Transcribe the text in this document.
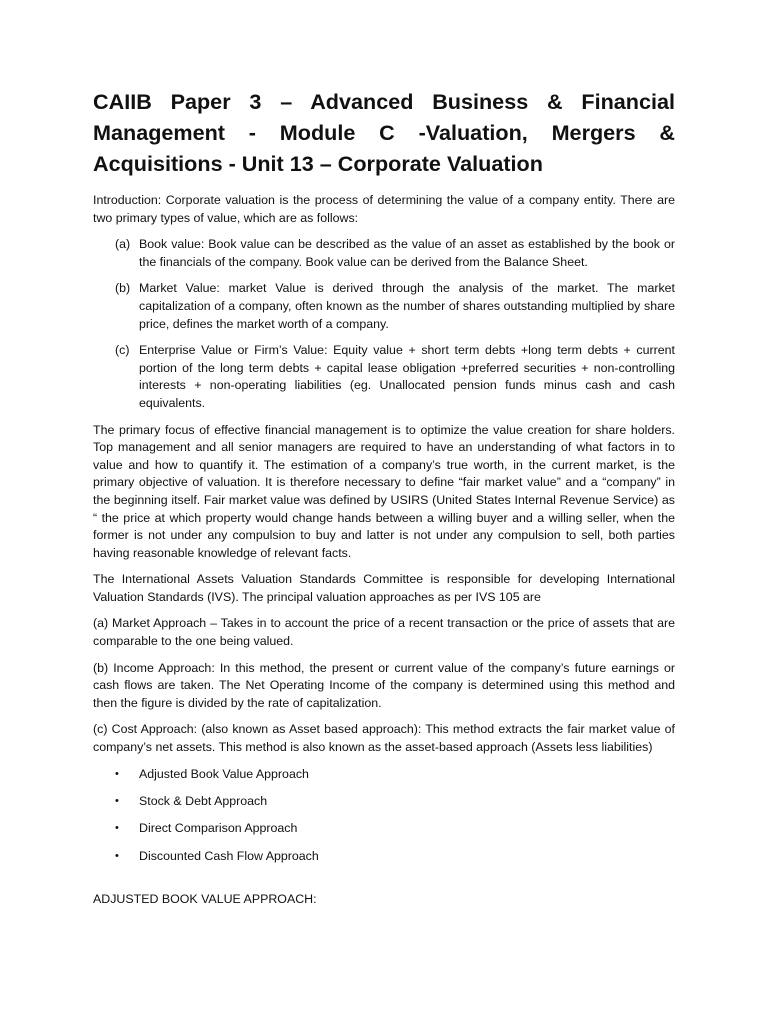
CAIIB Paper 3 – Advanced Business & Financial Management - Module C -Valuation, Mergers & Acquisitions - Unit 13 – Corporate Valuation

Introduction: Corporate valuation is the process of determining the value of a company entity. There are two primary types of value, which are as follows:

(a) Book value: Book value can be described as the value of an asset as established by the book or the financials of the company. Book value can be derived from the Balance Sheet.
(b) Market Value: market Value is derived through the analysis of the market. The market capitalization of a company, often known as the number of shares outstanding multiplied by share price, defines the market worth of a company.
(c) Enterprise Value or Firm’s Value: Equity value + short term debts +long term debts + current portion of the long term debts + capital lease obligation +preferred securities + non-controlling interests + non-operating liabilities (eg. Unallocated pension funds minus cash and cash equivalents.

The primary focus of effective financial management is to optimize the value creation for share holders. Top management and all senior managers are required to have an understanding of what factors in to value and how to quantify it. The estimation of a company’s true worth, in the current market, is the primary objective of valuation. It is therefore necessary to define “fair market value” and a “company” in the beginning itself. Fair market value was defined by USIRS (United States Internal Revenue Service) as “ the price at which property would change hands between a willing buyer and a willing seller, when the former is not under any compulsion to buy and latter is not under any compulsion to sell, both parties having reasonable knowledge of relevant facts.

The International Assets Valuation Standards Committee is responsible for developing International Valuation Standards (IVS). The principal valuation approaches as per IVS 105 are

(a) Market Approach – Takes in to account the price of a recent transaction or the price of assets that are comparable to the one being valued.

(b) Income Approach: In this method, the present or current value of the company’s future earnings or cash flows are taken. The Net Operating Income of the company is determined using this method and then the figure is divided by the rate of capitalization.

(c) Cost Approach: (also known as Asset based approach): This method extracts the fair market value of company’s net assets. This method is also known as the asset-based approach (Assets less liabilities)

• Adjusted Book Value Approach
• Stock & Debt Approach
• Direct Comparison Approach
• Discounted Cash Flow Approach
ADJUSTED BOOK VALUE APPROACH:
